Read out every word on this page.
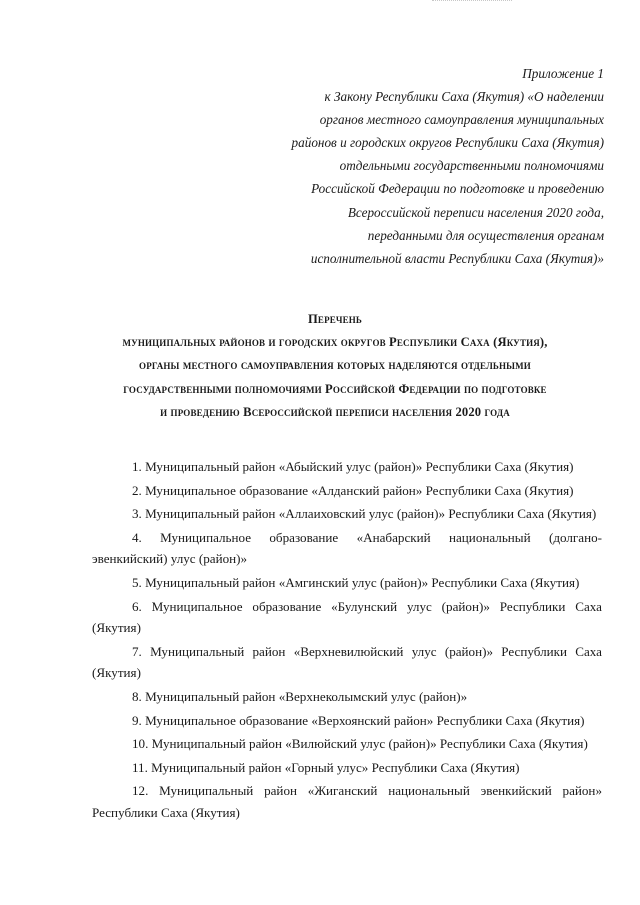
Приложение 1
к Закону Республики Саха (Якутия) «О наделении
органов местного самоуправления муниципальных
районов и городских округов Республики Саха (Якутия)
отдельными государственными полномочиями
Российской Федерации по подготовке и проведению
Всероссийской переписи населения 2020 года,
переданными для осуществления органам
исполнительной власти Республики Саха (Якутия)»
Перечень
муниципальных районов и городских округов Республики Саха (Якутия),
органы местного самоуправления которых наделяются отдельными
государственными полномочиями Российской Федерации по подготовке
и проведению Всероссийской переписи населения 2020 года
1. Муниципальный район «Абыйский улус (район)» Республики Саха (Якутия)
2. Муниципальное образование «Алданский район» Республики Саха (Якутия)
3. Муниципальный район «Аллаиховский улус (район)» Республики Саха (Якутия)
4. Муниципальное образование «Анабарский национальный (долгано-эвенкийский) улус (район)»
5. Муниципальный район «Амгинский улус (район)» Республики Саха (Якутия)
6. Муниципальное образование «Булунский улус (район)» Республики Саха (Якутия)
7. Муниципальный район «Верхневилюйский улус (район)» Республики Саха (Якутия)
8. Муниципальный район «Верхнеколымский улус (район)»
9. Муниципальное образование «Верхоянский район» Республики Саха (Якутия)
10. Муниципальный район «Вилюйский улус (район)» Республики Саха (Якутия)
11. Муниципальный район «Горный улус» Республики Саха (Якутия)
12. Муниципальный район «Жиганский национальный эвенкийский район» Республики Саха (Якутия)
